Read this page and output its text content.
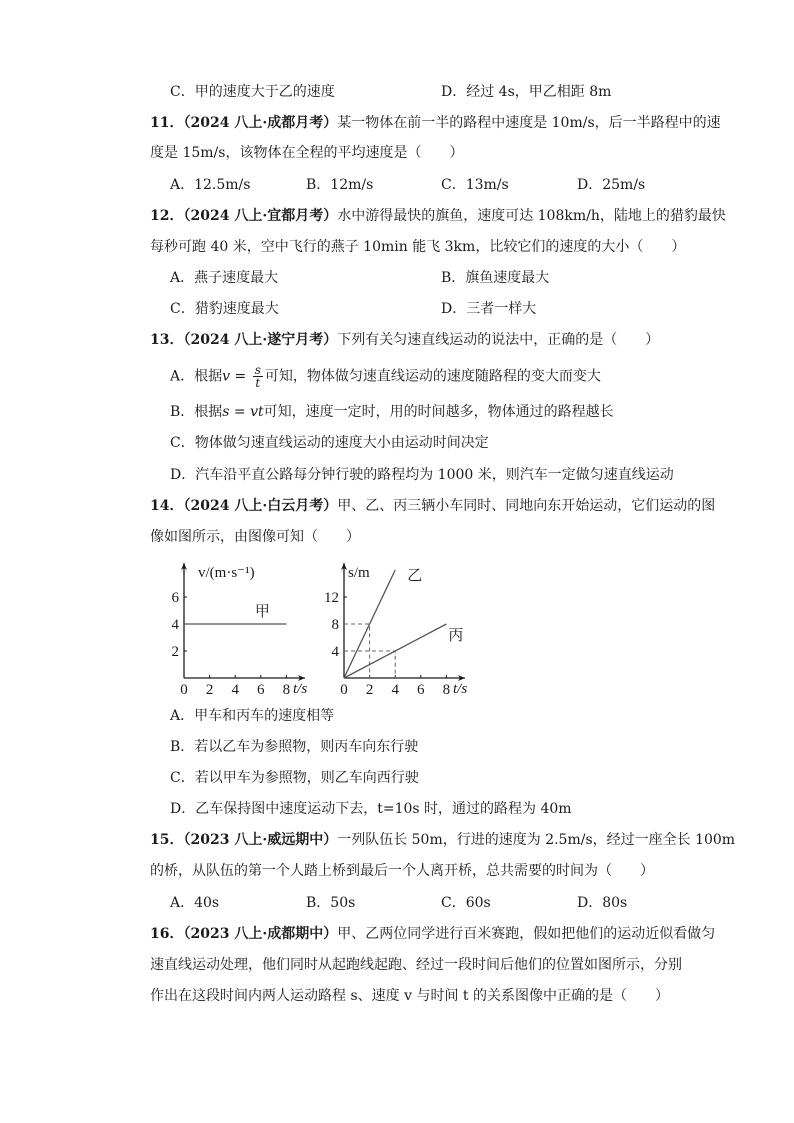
C．甲的速度大于乙的速度	D．经过 4s，甲乙相距 8m
11．（2024 八上·成都月考）某一物体在前一半的路程中速度是 10m/s，后一半路程中的速
度是 15m/s，该物体在全程的平均速度是（　　）
A．12.5m/s	B．12m/s	C．13m/s	D．25m/s
12．（2024 八上·宜都月考）水中游得最快的旗鱼，速度可达 108km/h，陆地上的猎豹最快
每秒可跑 40 米，空中飞行的燕子 10min 能飞 3km，比较它们的速度的大小（　　）
A．燕子速度最大	B．旗鱼速度最大
C．猎豹速度最大	D．三者一样大
13．（2024 八上·遂宁月考）下列有关匀速直线运动的说法中，正确的是（　　）
A．根据$v = \frac{s}{t}$ 可知，物体做匀速直线运动的速度随路程的变大而变大
B．根据s = vt可知，速度一定时，用的时间越多，物体通过的路程越长
C．物体做匀速直线运动的速度大小由运动时间决定
D．汽车沿平直公路每分钟行驶的路程均为 1000 米，则汽车一定做匀速直线运动
14．（2024 八上·白云月考）甲、乙、丙三辆小车同时、同地向东开始运动，它们运动的图
像如图所示，由图像可知（　　）
0 2 4 6 8
2
4
6
t/s
v/(m·s⁻¹)
甲
0 2 4 6 8
4
8
12
t/s
s/m	乙
丙
A．甲车和丙车的速度相等
B．若以乙车为参照物，则丙车向东行驶
C．若以甲车为参照物，则乙车向西行驶
D．乙车保持图中速度运动下去，t=10s 时，通过的路程为 40m
15．（2023 八上·威远期中）一列队伍长 50m，行进的速度为 2.5m/s，经过一座全长 100m
的桥，从队伍的第一个人踏上桥到最后一个人离开桥，总共需要的时间为（　　）
A．40s	B．50s	C．60s	D．80s
16．（2023 八上·成都期中）甲、乙两位同学进行百米赛跑，假如把他们的运动近似看做匀
速直线运动处理，他们同时从起跑线起跑、经过一段时间后他们的位置如图所示，分别
作出在这段时间内两人运动路程 s、速度 v 与时间 t 的关系图像中正确的是（　　）
